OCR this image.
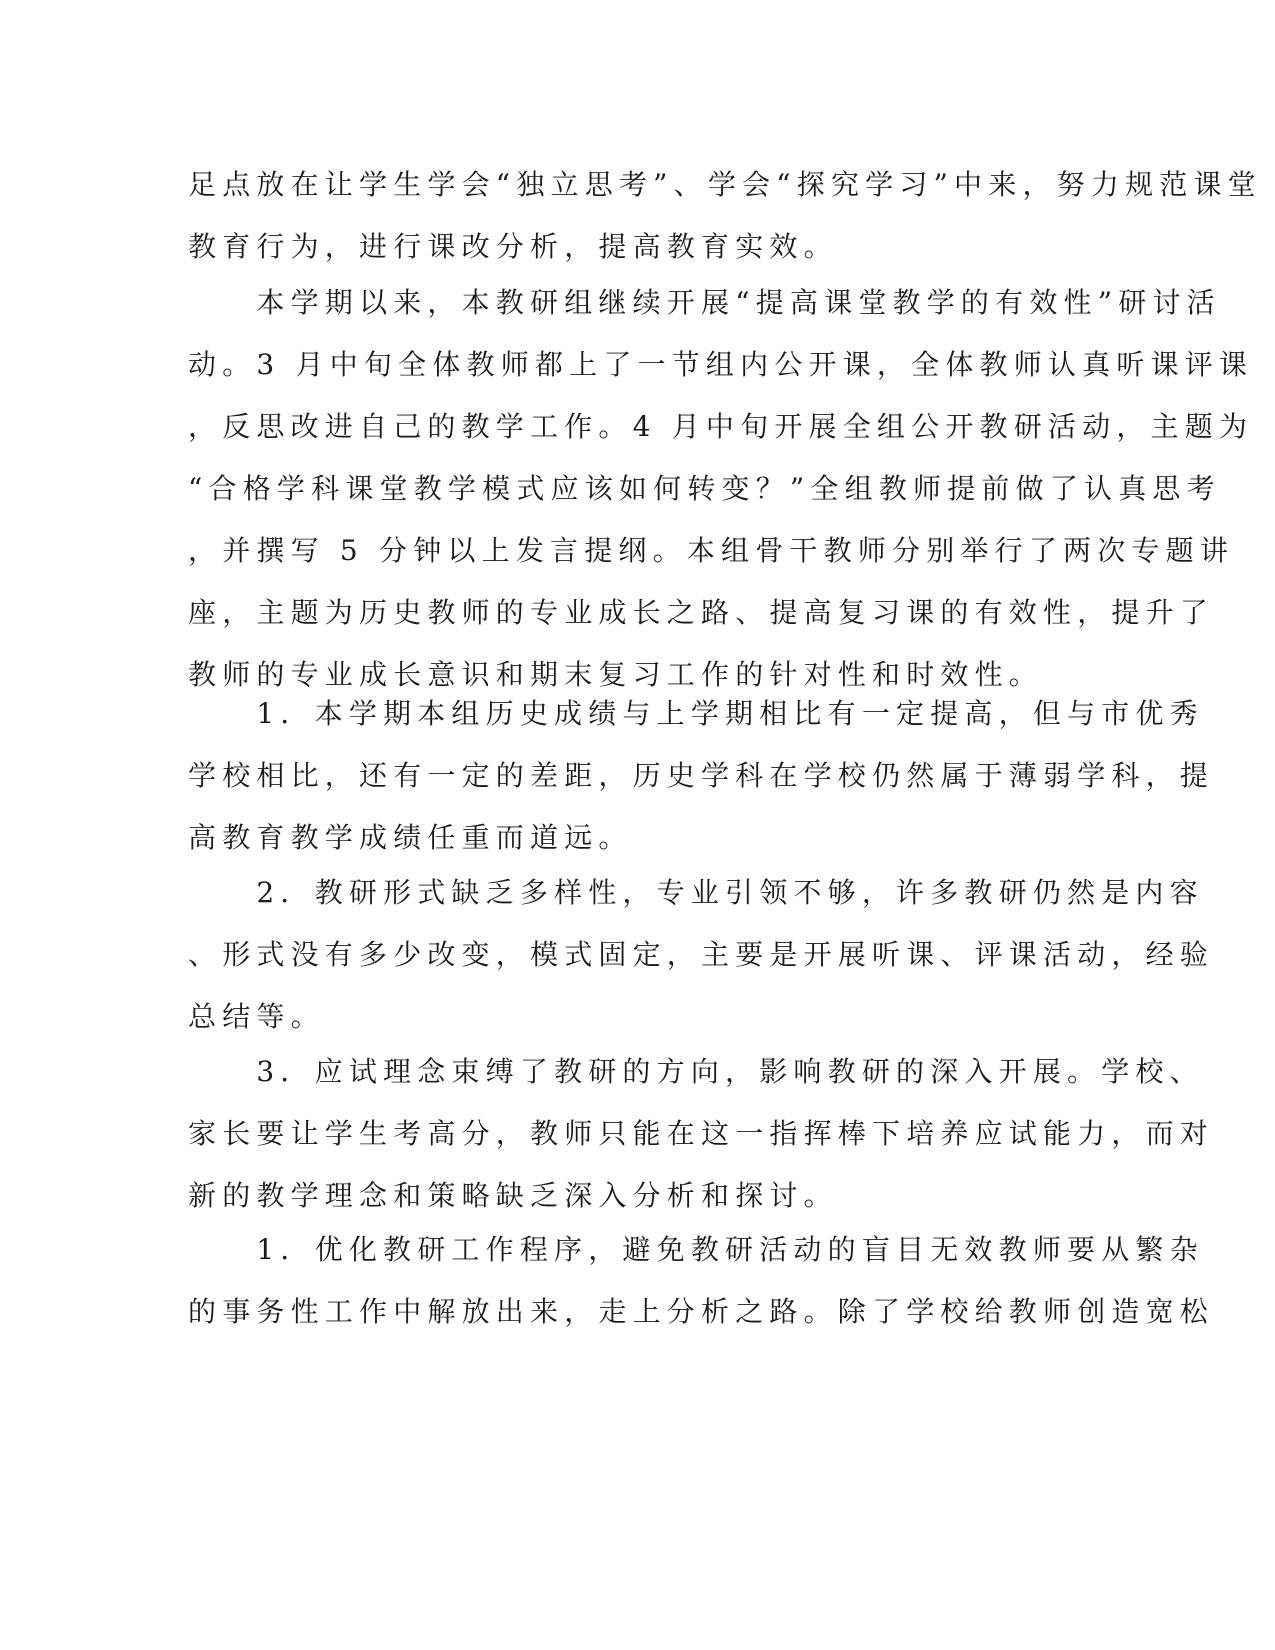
足点放在让学生学会“独立思考”、学会“探究学习”中来，努力规范课堂
教育行为，进行课改分析，提高教育实效。
　　本学期以来，本教研组继续开展“提高课堂教学的有效性”研讨活
动。3 月中旬全体教师都上了一节组内公开课，全体教师认真听课评课
，反思改进自己的教学工作。4 月中旬开展全组公开教研活动，主题为
“合格学科课堂教学模式应该如何转变？”全组教师提前做了认真思考
，并撰写 5 分钟以上发言提纲。本组骨干教师分别举行了两次专题讲
座，主题为历史教师的专业成长之路、提高复习课的有效性，提升了
教师的专业成长意识和期末复习工作的针对性和时效性。
　　1．本学期本组历史成绩与上学期相比有一定提高，但与市优秀
学校相比，还有一定的差距，历史学科在学校仍然属于薄弱学科，提
高教育教学成绩任重而道远。
　　2．教研形式缺乏多样性，专业引领不够，许多教研仍然是内容
、形式没有多少改变，模式固定，主要是开展听课、评课活动，经验
总结等。
　　3．应试理念束缚了教研的方向，影响教研的深入开展。学校、
家长要让学生考高分，教师只能在这一指挥棒下培养应试能力，而对
新的教学理念和策略缺乏深入分析和探讨。
　　1．优化教研工作程序，避免教研活动的盲目无效教师要从繁杂
的事务性工作中解放出来，走上分析之路。除了学校给教师创造宽松
